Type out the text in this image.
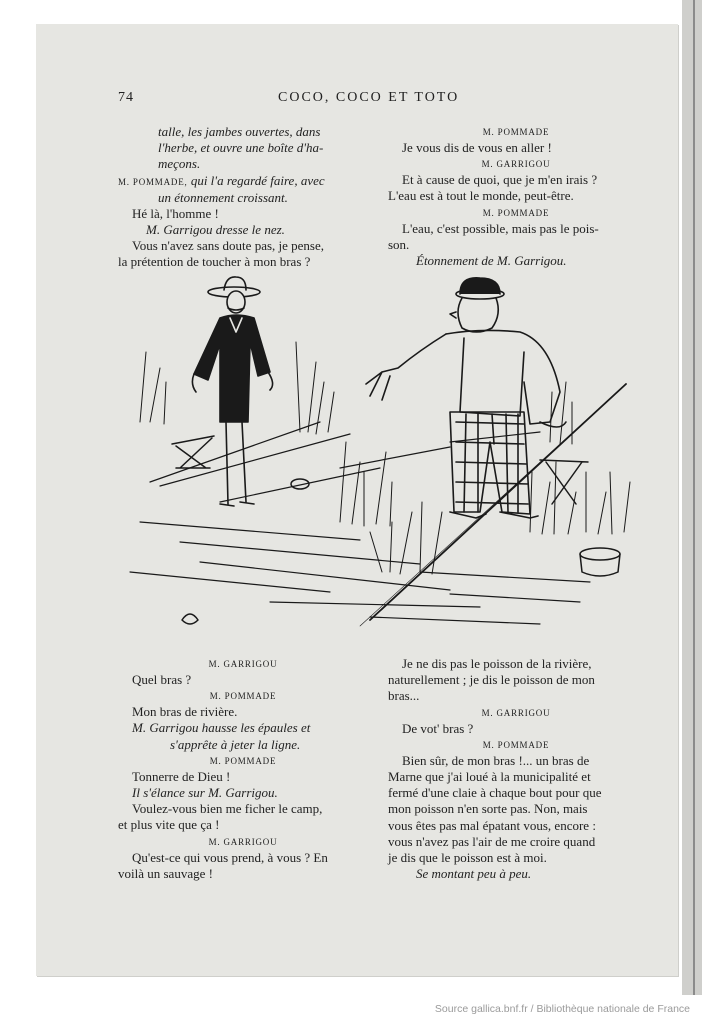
74	COCO, COCO ET TOTO

talle, les jambes ouvertes, dans

l'herbe, et ouvre une boîte d'ha-

meçons.

M. POMMADE, qui l'a regardé faire, avec

un étonnement croissant.

Hé là, l'homme !

M. Garrigou dresse le nez.

Vous n'avez sans doute pas, je pense,

la prétention de toucher à mon bras ?

M. POMMADE

Je vous dis de vous en aller !

M. GARRIGOU

Et à cause de quoi, que je m'en irais ?

L'eau est à tout le monde, peut-être.

M. POMMADE

L'eau, c'est possible, mais pas le pois-

son.

Étonnement de M. Garrigou.

M. GARRIGOU

Quel bras ?

M. POMMADE

Mon bras de rivière.

M. Garrigou hausse les épaules et

s'apprête à jeter la ligne.

M. POMMADE

Tonnerre de Dieu !

Il s'élance sur M. Garrigou.

Voulez-vous bien me ficher le camp,

et plus vite que ça !

M. GARRIGOU

Qu'est-ce qui vous prend, à vous ? En

voilà un sauvage !

Je ne dis pas le poisson de la rivière,

naturellement ; je dis le poisson de mon

bras...

M. GARRIGOU

De vot' bras ?

M. POMMADE

Bien sûr, de mon bras !... un bras de

Marne que j'ai loué à la municipalité et

fermé d'une claie à chaque bout pour que

mon poisson n'en sorte pas. Non, mais

vous êtes pas mal épatant vous, encore :

vous n'avez pas l'air de me croire quand

je dis que le poisson est à moi.

Se montant peu à peu.

Source gallica.bnf.fr / Bibliothèque nationale de France
